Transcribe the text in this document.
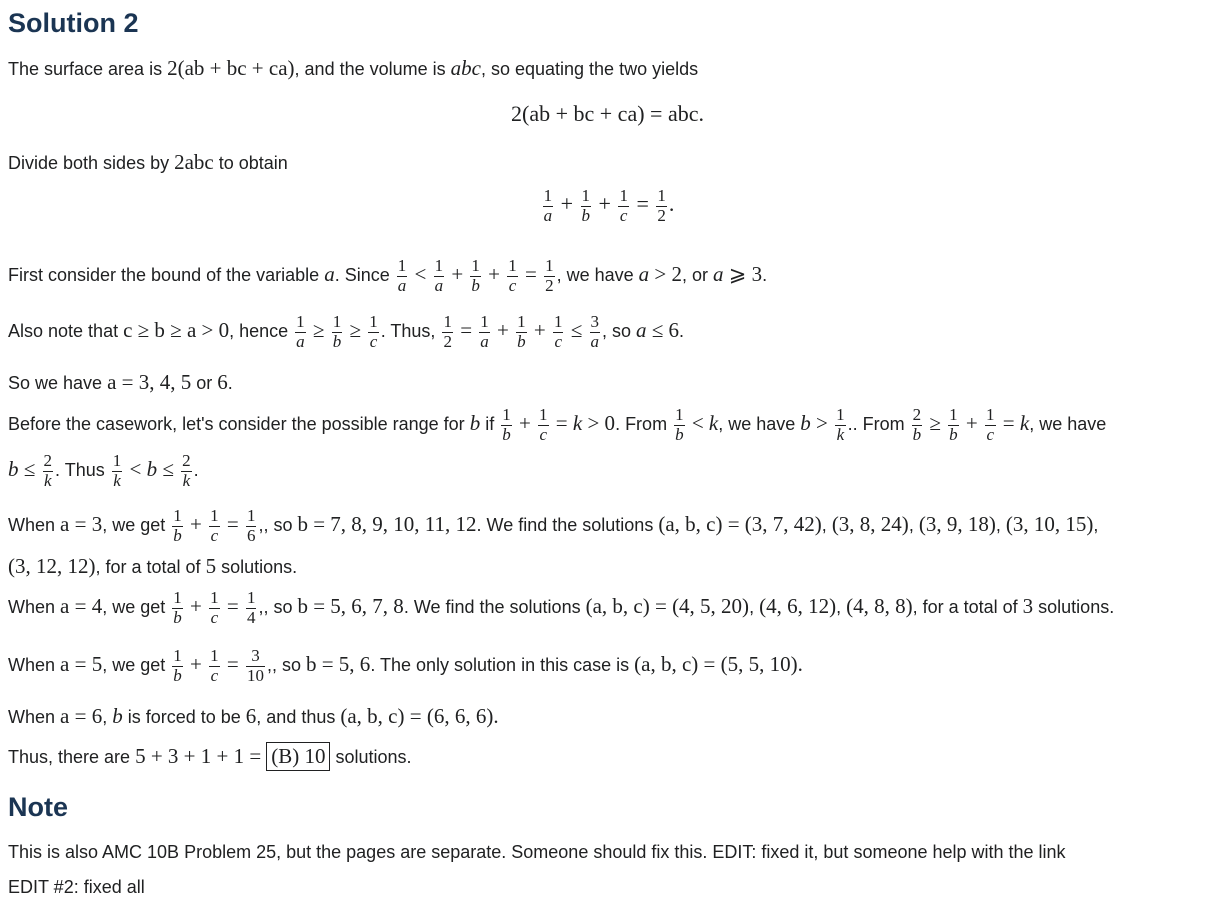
Solution 2
The surface area is 2(ab + bc + ca), and the volume is abc, so equating the two yields
2(ab + bc + ca) = abc.
Divide both sides by 2abc to obtain
$\frac{1}{a} + \frac{1}{b} + \frac{1}{c} = \frac{1}{2}$ .
First consider the bound of the variable a. Since $\frac{1}{a} < \frac{1}{a} + \frac{1}{b} + \frac{1}{c} = \frac{1}{2}$ , we have a > 2, or a ⩾ 3.
Also note that c ≥ b ≥ a > 0, hence $\frac{1}{a} \ge \frac{1}{b} \ge \frac{1}{c}$ . Thus, $\frac{1}{2} = \frac{1}{a} + \frac{1}{b} + \frac{1}{c} \le \frac{3}{a}$ , so a ≤ 6.
So we have a = 3, 4, 5 or 6.
Before the casework, let's consider the possible range for b if $\frac{1}{b} + \frac{1}{c} = k > 0$. From $\frac{1}{b} < k$, we have $b > \frac{1}{k}$ .. From $\frac{2}{b} \ge \frac{1}{b} + \frac{1}{c} = k$, we have
$b \le \frac{2}{k}$ . Thus $\frac{1}{k} < b \le \frac{2}{k}$ .
When a = 3, we get $\frac{1}{b} + \frac{1}{c} = \frac{1}{6}$ ,, so b = 7, 8, 9, 10, 11, 12. We find the solutions (a, b, c) = (3, 7, 42), (3, 8, 24), (3, 9, 18), (3, 10, 15),
(3, 12, 12), for a total of 5 solutions.
When a = 4, we get $\frac{1}{b} + \frac{1}{c} = \frac{1}{4}$ ,, so b = 5, 6, 7, 8. We find the solutions (a, b, c) = (4, 5, 20), (4, 6, 12), (4, 8, 8), for a total of 3 solutions.
When a = 5, we get $\frac{1}{b} + \frac{1}{c} = \frac{3}{10}$ ,, so b = 5, 6. The only solution in this case is (a, b, c) = (5, 5, 10).
When a = 6, b is forced to be 6, and thus (a, b, c) = (6, 6, 6).
Thus, there are 5 + 3 + 1 + 1 = (B) 10 solutions.
Note
This is also AMC 10B Problem 25, but the pages are separate. Someone should fix this. EDIT: fixed it, but someone help with the link
EDIT #2: fixed all
